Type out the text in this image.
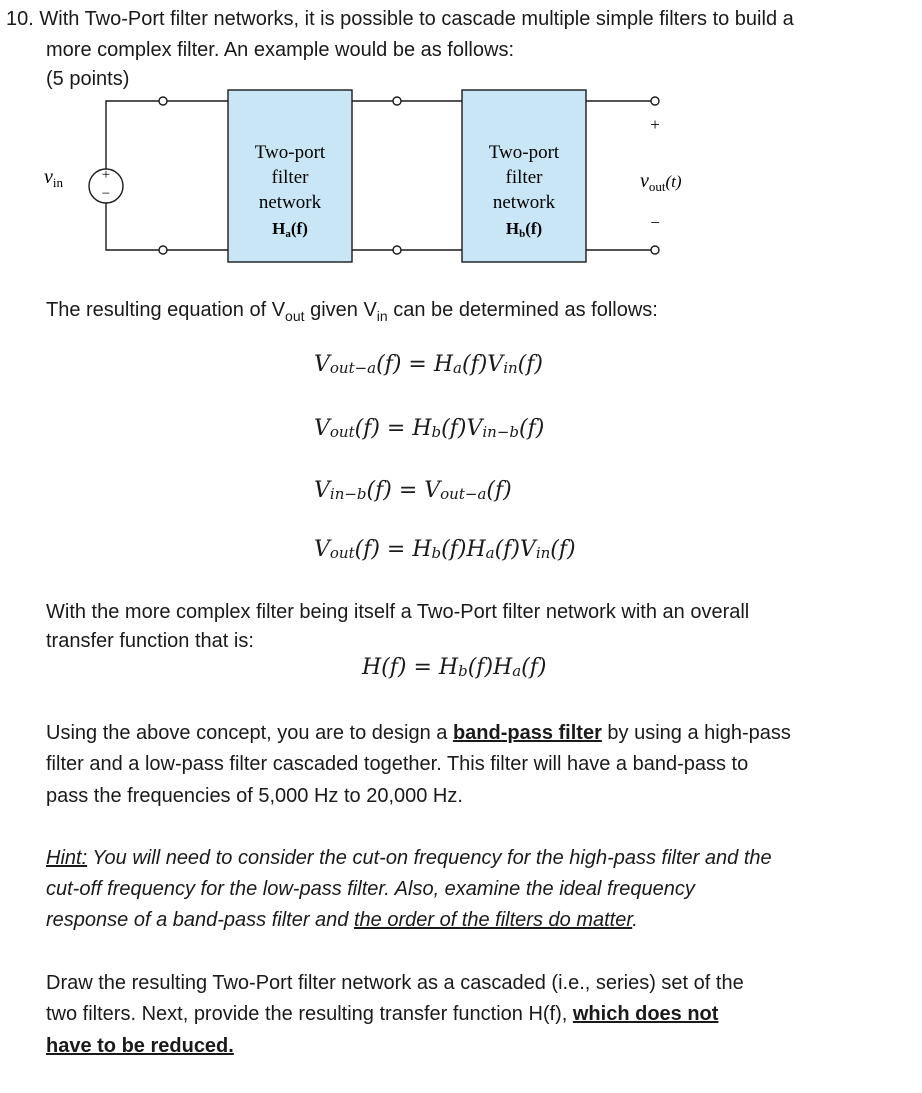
10. With Two-Port filter networks, it is possible to cascade multiple simple filters to build a
more complex filter. An example would be as follows:
(5 points)
+
−
$v_{in}$
Two-port
filter
network
Ha(f)
Two-port
filter
network
Hb(f)
+
−
$v_{out}^{(t)}$
The resulting equation of $V_{out}$ given $V_{in}$ can be determined as follows:
$V_{out-a}(f) = H_a(f)V_{in}(f)$
$V_{out}(f) = H_b(f)V_{in-b}(f)$
$V_{in-b}(f) = V_{out-a}(f)$
$V_{out}(f) = H_b(f)H_a(f)V_{in}(f)$
With the more complex filter being itself a Two-Port filter network with an overall
transfer function that is:
$H(f) = H_b(f)H_a(f)$
Using the above concept, you are to design a band-pass filter by using a high-pass
filter and a low-pass filter cascaded together. This filter will have a band-pass to
pass the frequencies of 5,000 Hz to 20,000 Hz.
Hint: You will need to consider the cut-on frequency for the high-pass filter and the
cut-off frequency for the low-pass filter. Also, examine the ideal frequency
response of a band-pass filter and the order of the filters do matter.
Draw the resulting Two-Port filter network as a cascaded (i.e., series) set of the
two filters. Next, provide the resulting transfer function H(f), which does not
have to be reduced.
